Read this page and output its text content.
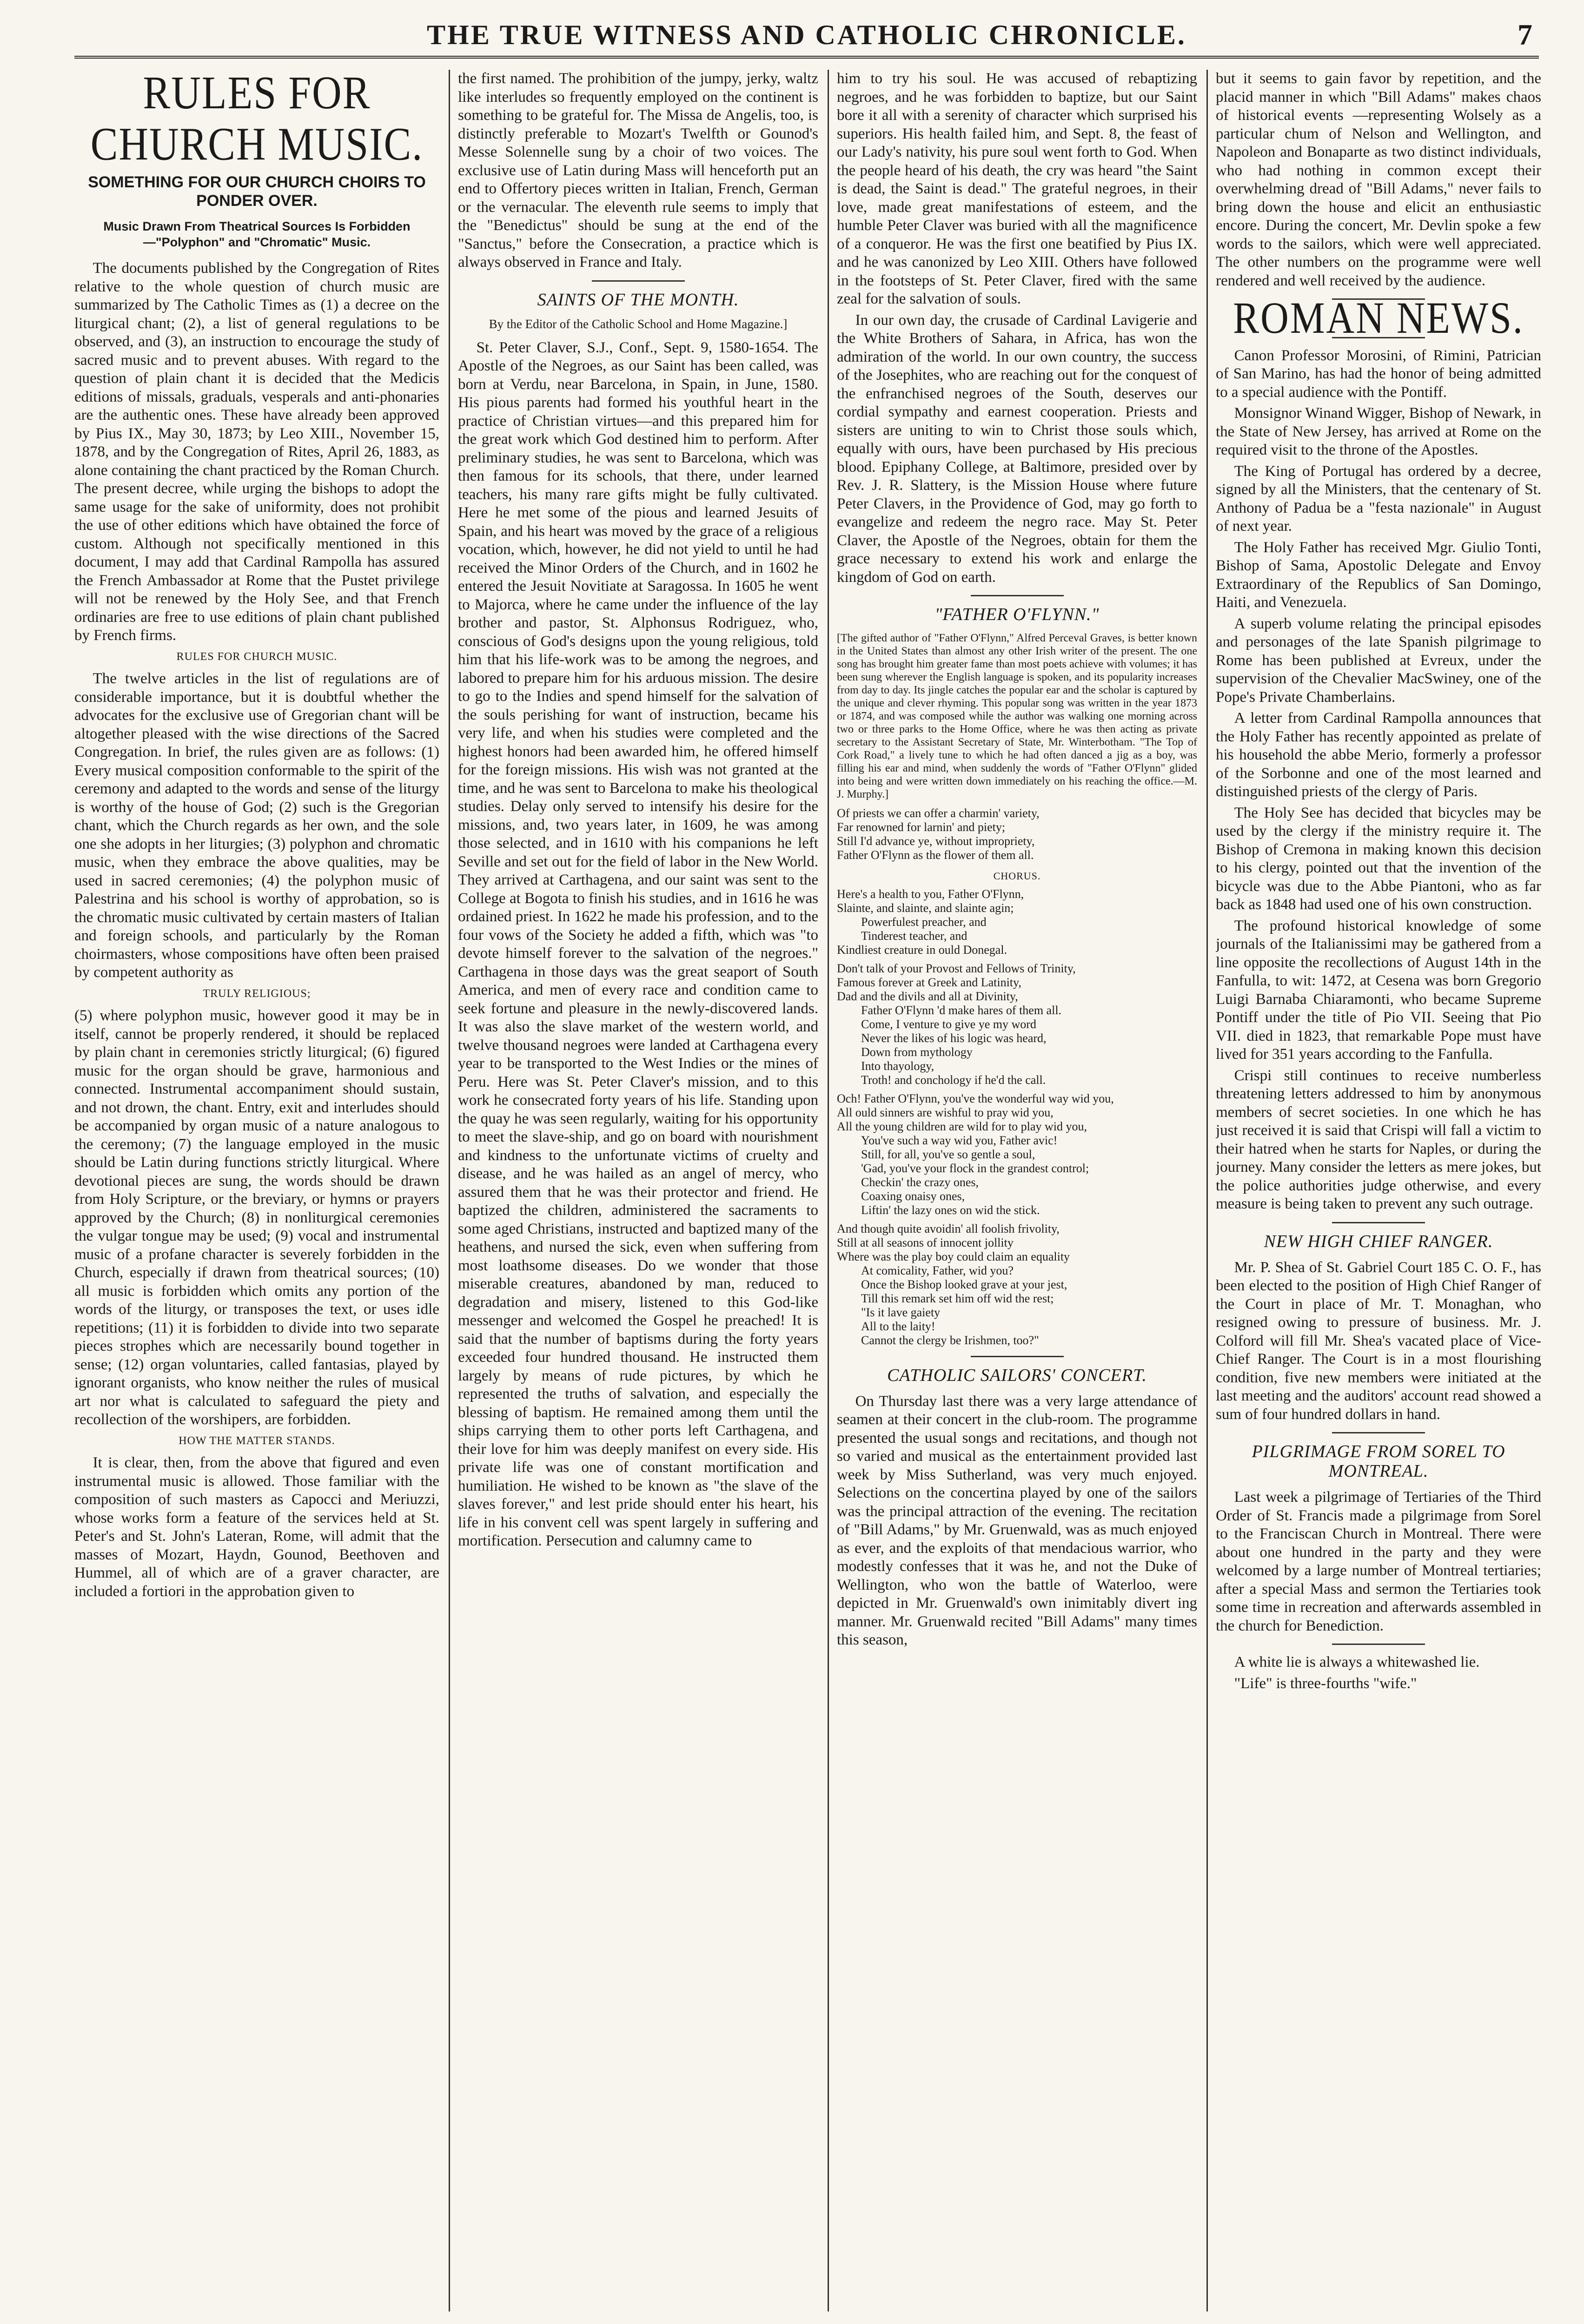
THE TRUE WITNESS AND CATHOLIC CHRONICLE.	7
RULES FOR CHURCH MUSIC.
SOMETHING FOR OUR CHURCH CHOIRS TO PONDER OVER.
Music Drawn From Theatrical Sources Is Forbidden—"Polyphon" and "Chromatic" Music.

The documents published by the Congregation of Rites relative to the whole question of church music are summarized by The Catholic Times as (1) a decree on the liturgical chant; (2), a list of general regulations to be observed, and (3), an instruction to encourage the study of sacred music and to prevent abuses. With regard to the question of plain chant it is decided that the Medicis editions of missals, graduals, vesperals and anti-phonaries are the authentic ones. These have already been approved by Pius IX., May 30, 1873; by Leo XIII., November 15, 1878, and by the Congregation of Rites, April 26, 1883, as alone containing the chant practiced by the Roman Church. The present decree, while urging the bishops to adopt the same usage for the sake of uniformity, does not prohibit the use of other editions which have obtained the force of custom. Although not specifically mentioned in this document, I may add that Cardinal Rampolla has assured the French Ambassador at Rome that the Pustet privilege will not be renewed by the Holy See, and that French ordinaries are free to use editions of plain chant published by French firms.

RULES FOR CHURCH MUSIC.

The twelve articles in the list of regulations are of considerable importance, but it is doubtful whether the advocates for the exclusive use of Gregorian chant will be altogether pleased with the wise directions of the Sacred Congregation. In brief, the rules given are as follows: (1) Every musical composition conformable to the spirit of the ceremony and adapted to the words and sense of the liturgy is worthy of the house of God; (2) such is the Gregorian chant, which the Church regards as her own, and the sole one she adopts in her liturgies; (3) polyphon and chromatic music, when they embrace the above qualities, may be used in sacred ceremonies; (4) the polyphon music of Palestrina and his school is worthy of approbation, so is the chromatic music cultivated by certain masters of Italian and foreign schools, and particularly by the Roman choirmasters, whose compositions have often been praised by competent authority as

TRULY RELIGIOUS;

(5) where polyphon music, however good it may be in itself, cannot be properly rendered, it should be replaced by plain chant in ceremonies strictly liturgical; (6) figured music for the organ should be grave, harmonious and connected. Instrumental accompaniment should sustain, and not drown, the chant. Entry, exit and interludes should be accompanied by organ music of a nature analogous to the ceremony; (7) the language employed in the music should be Latin during functions strictly liturgical. Where devotional pieces are sung, the words should be drawn from Holy Scripture, or the breviary, or hymns or prayers approved by the Church; (8) in nonliturgical ceremonies the vulgar tongue may be used; (9) vocal and instrumental music of a profane character is severely forbidden in the Church, especially if drawn from theatrical sources; (10) all music is forbidden which omits any portion of the words of the liturgy, or transposes the text, or uses idle repetitions; (11) it is forbidden to divide into two separate pieces strophes which are necessarily bound together in sense; (12) organ voluntaries, called fantasias, played by ignorant organists, who know neither the rules of musical art nor what is calculated to safeguard the piety and recollection of the worshipers, are forbidden.

HOW THE MATTER STANDS.

It is clear, then, from the above that figured and even instrumental music is allowed. Those familiar with the composition of such masters as Capocci and Meriuzzi, whose works form a feature of the services held at St. Peter's and St. John's Lateran, Rome, will admit that the masses of Mozart, Haydn, Gounod, Beethoven and Hummel, all of which are of a graver character, are included a fortiori in the approbation given to

the first named. The prohibition of the jumpy, jerky, waltz like interludes so frequently employed on the continent is something to be grateful for. The Missa de Angelis, too, is distinctly preferable to Mozart's Twelfth or Gounod's Messe Solennelle sung by a choir of two voices. The exclusive use of Latin during Mass will henceforth put an end to Offertory pieces written in Italian, French, German or the vernacular. The eleventh rule seems to imply that the "Benedictus" should be sung at the end of the "Sanctus," before the Consecration, a practice which is always observed in France and Italy.

SAINTS OF THE MONTH.
By the Editor of the Catholic School and Home Magazine.]

St. Peter Claver, S.J., Conf., Sept. 9, 1580-1654. The Apostle of the Negroes, as our Saint has been called, was born at Verdu, near Barcelona, in Spain, in June, 1580. His pious parents had formed his youthful heart in the practice of Christian virtues—and this prepared him for the great work which God destined him to perform. After preliminary studies, he was sent to Barcelona, which was then famous for its schools, that there, under learned teachers, his many rare gifts might be fully cultivated. Here he met some of the pious and learned Jesuits of Spain, and his heart was moved by the grace of a religious vocation, which, however, he did not yield to until he had received the Minor Orders of the Church, and in 1602 he entered the Jesuit Novitiate at Saragossa. In 1605 he went to Majorca, where he came under the influence of the lay brother and pastor, St. Alphonsus Rodriguez, who, conscious of God's designs upon the young religious, told him that his life-work was to be among the negroes, and labored to prepare him for his arduous mission. The desire to go to the Indies and spend himself for the salvation of the souls perishing for want of instruction, became his very life, and when his studies were completed and the highest honors had been awarded him, he offered himself for the foreign missions. His wish was not granted at the time, and he was sent to Barcelona to make his theological studies. Delay only served to intensify his desire for the missions, and, two years later, in 1609, he was among those selected, and in 1610 with his companions he left Seville and set out for the field of labor in the New World. They arrived at Carthagena, and our saint was sent to the College at Bogota to finish his studies, and in 1616 he was ordained priest. In 1622 he made his profession, and to the four vows of the Society he added a fifth, which was "to devote himself forever to the salvation of the negroes." Carthagena in those days was the great seaport of South America, and men of every race and condition came to seek fortune and pleasure in the newly-discovered lands. It was also the slave market of the western world, and twelve thousand negroes were landed at Carthagena every year to be transported to the West Indies or the mines of Peru. Here was St. Peter Claver's mission, and to this work he consecrated forty years of his life. Standing upon the quay he was seen regularly, waiting for his opportunity to meet the slave-ship, and go on board with nourishment and kindness to the unfortunate victims of cruelty and disease, and he was hailed as an angel of mercy, who assured them that he was their protector and friend. He baptized the children, administered the sacraments to some aged Christians, instructed and baptized many of the heathens, and nursed the sick, even when suffering from most loathsome diseases. Do we wonder that those miserable creatures, abandoned by man, reduced to degradation and misery, listened to this God-like messenger and welcomed the Gospel he preached! It is said that the number of baptisms during the forty years exceeded four hundred thousand. He instructed them largely by means of rude pictures, by which he represented the truths of salvation, and especially the blessing of baptism. He remained among them until the ships carrying them to other ports left Carthagena, and their love for him was deeply manifest on every side. His private life was one of constant mortification and humiliation. He wished to be known as "the slave of the slaves forever," and lest pride should enter his heart, his life in his convent cell was spent largely in suffering and mortification. Persecution and calumny came to

him to try his soul. He was accused of rebaptizing negroes, and he was forbidden to baptize, but our Saint bore it all with a serenity of character which surprised his superiors. His health failed him, and Sept. 8, the feast of our Lady's nativity, his pure soul went forth to God. When the people heard of his death, the cry was heard "the Saint is dead, the Saint is dead." The grateful negroes, in their love, made great manifestations of esteem, and the humble Peter Claver was buried with all the magnificence of a conqueror. He was the first one beatified by Pius IX. and he was canonized by Leo XIII. Others have followed in the footsteps of St. Peter Claver, fired with the same zeal for the salvation of souls.

In our own day, the crusade of Cardinal Lavigerie and the White Brothers of Sahara, in Africa, has won the admiration of the world. In our own country, the success of the Josephites, who are reaching out for the conquest of the enfranchised negroes of the South, deserves our cordial sympathy and earnest cooperation. Priests and sisters are uniting to win to Christ those souls which, equally with ours, have been purchased by His precious blood. Epiphany College, at Baltimore, presided over by Rev. J. R. Slattery, is the Mission House where future Peter Clavers, in the Providence of God, may go forth to evangelize and redeem the negro race. May St. Peter Claver, the Apostle of the Negroes, obtain for them the grace necessary to extend his work and enlarge the kingdom of God on earth.

"FATHER O'FLYNN."
[The gifted author of "Father O'Flynn," Alfred Perceval Graves, is better known in the United States than almost any other Irish writer of the present. The one song has brought him greater fame than most poets achieve with volumes; it has been sung wherever the English language is spoken, and its popularity increases from day to day. Its jingle catches the popular ear and the scholar is captured by the unique and clever rhyming. This popular song was written in the year 1873 or 1874, and was composed while the author was walking one morning across two or three parks to the Home Office, where he was then acting as private secretary to the Assistant Secretary of State, Mr. Winterbotham. "The Top of Cork Road," a lively tune to which he had often danced a jig as a boy, was filling his ear and mind, when suddenly the words of "Father O'Flynn" glided into being and were written down immediately on his reaching the office.—M. J. Murphy.]
Of priests we can offer a charmin' variety,
Far renowned for larnin' and piety;
Still I'd advance ye, without impropriety,
Father O'Flynn as the flower of them all.
CHORUS.
Here's a health to you, Father O'Flynn,
Slainte, and slainte, and slainte agin;
Powerfulest preacher, and
Tinderest teacher, and
Kindliest creature in ould Donegal.
Don't talk of your Provost and Fellows of Trinity,
Famous forever at Greek and Latinity,
Dad and the divils and all at Divinity,
Father O'Flynn 'd make hares of them all.
Come, I venture to give ye my word
Never the likes of his logic was heard,
Down from mythology
Into thayology,
Troth! and conchology if he'd the call.
Och! Father O'Flynn, you've the wonderful way wid you,
All ould sinners are wishful to pray wid you,
All the young children are wild for to play wid you,
You've such a way wid you, Father avic!
Still, for all, you've so gentle a soul,
'Gad, you've your flock in the grandest control;
Checkin' the crazy ones,
Coaxing onaisy ones,
Liftin' the lazy ones on wid the stick.
And though quite avoidin' all foolish frivolity,
Still at all seasons of innocent jollity
Where was the play boy could claim an equality
At comicality, Father, wid you?
Once the Bishop looked grave at your jest,
Till this remark set him off wid the rest;
"Is it lave gaiety
All to the laity!
Cannot the clergy be Irishmen, too?"
CATHOLIC SAILORS' CONCERT.

On Thursday last there was a very large attendance of seamen at their concert in the club-room. The programme presented the usual songs and recitations, and though not so varied and musical as the entertainment provided last week by Miss Sutherland, was very much enjoyed. Selections on the concertina played by one of the sailors was the principal attraction of the evening. The recitation of "Bill Adams," by Mr. Gruenwald, was as much enjoyed as ever, and the exploits of that mendacious warrior, who modestly confesses that it was he, and not the Duke of Wellington, who won the battle of Waterloo, were depicted in Mr. Gruenwald's own inimitably divert ing manner. Mr. Gruenwald recited "Bill Adams" many times this season,

but it seems to gain favor by repetition, and the placid manner in which "Bill Adams" makes chaos of historical events —representing Wolsely as a particular chum of Nelson and Wellington, and Napoleon and Bonaparte as two distinct individuals, who had nothing in common except their overwhelming dread of "Bill Adams," never fails to bring down the house and elicit an enthusiastic encore. During the concert, Mr. Devlin spoke a few words to the sailors, which were well appreciated. The other numbers on the programme were well rendered and well received by the audience.

ROMAN NEWS.

Canon Professor Morosini, of Rimini, Patrician of San Marino, has had the honor of being admitted to a special audience with the Pontiff.

Monsignor Winand Wigger, Bishop of Newark, in the State of New Jersey, has arrived at Rome on the required visit to the throne of the Apostles.

The King of Portugal has ordered by a decree, signed by all the Ministers, that the centenary of St. Anthony of Padua be a "festa nazionale" in August of next year.

The Holy Father has received Mgr. Giulio Tonti, Bishop of Sama, Apostolic Delegate and Envoy Extraordinary of the Republics of San Domingo, Haiti, and Venezuela.

A superb volume relating the principal episodes and personages of the late Spanish pilgrimage to Rome has been published at Evreux, under the supervision of the Chevalier MacSwiney, one of the Pope's Private Chamberlains.

A letter from Cardinal Rampolla announces that the Holy Father has recently appointed as prelate of his household the abbe Merio, formerly a professor of the Sorbonne and one of the most learned and distinguished priests of the clergy of Paris.

The Holy See has decided that bicycles may be used by the clergy if the ministry require it. The Bishop of Cremona in making known this decision to his clergy, pointed out that the invention of the bicycle was due to the Abbe Piantoni, who as far back as 1848 had used one of his own construction.

The profound historical knowledge of some journals of the Italianissimi may be gathered from a line opposite the recollections of August 14th in the Fanfulla, to wit: 1472, at Cesena was born Gregorio Luigi Barnaba Chiaramonti, who became Supreme Pontiff under the title of Pio VII. Seeing that Pio VII. died in 1823, that remarkable Pope must have lived for 351 years according to the Fanfulla.

Crispi still continues to receive numberless threatening letters addressed to him by anonymous members of secret societies. In one which he has just received it is said that Crispi will fall a victim to their hatred when he starts for Naples, or during the journey. Many consider the letters as mere jokes, but the police authorities judge otherwise, and every measure is being taken to prevent any such outrage.

NEW HIGH CHIEF RANGER.

Mr. P. Shea of St. Gabriel Court 185 C. O. F., has been elected to the position of High Chief Ranger of the Court in place of Mr. T. Monaghan, who resigned owing to pressure of business. Mr. J. Colford will fill Mr. Shea's vacated place of Vice-Chief Ranger. The Court is in a most flourishing condition, five new members were initiated at the last meeting and the auditors' account read showed a sum of four hundred dollars in hand.

PILGRIMAGE FROM SOREL TO MONTREAL.

Last week a pilgrimage of Tertiaries of the Third Order of St. Francis made a pilgrimage from Sorel to the Franciscan Church in Montreal. There were about one hundred in the party and they were welcomed by a large number of Montreal tertiaries; after a special Mass and sermon the Tertiaries took some time in recreation and afterwards assembled in the church for Benediction.

A white lie is always a whitewashed lie.

"Life" is three-fourths "wife."
